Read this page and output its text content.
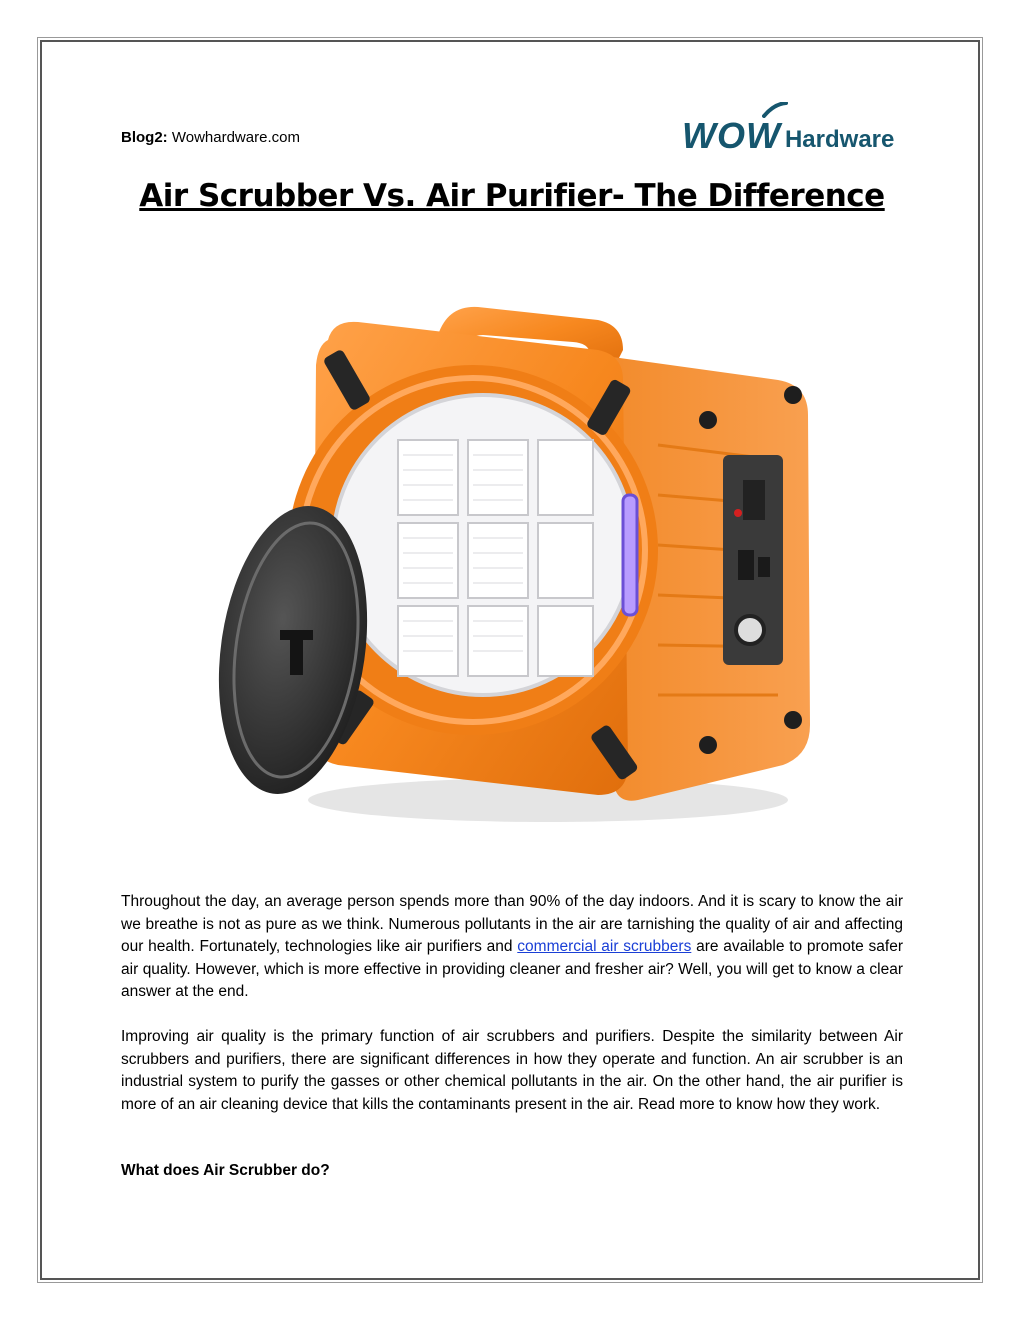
Blog2: Wowhardware.com	WOW Hardware
Air Scrubber Vs. Air Purifier- The Difference

Throughout the day, an average person spends more than 90% of the day indoors. And it is scary to know the air we breathe is not as pure as we think. Numerous pollutants in the air are tarnishing the quality of air and affecting our health. Fortunately, technologies like air purifiers and commercial air scrubbers are available to promote safer air quality. However, which is more effective in providing cleaner and fresher air? Well, you will get to know a clear answer at the end.

Improving air quality is the primary function of air scrubbers and purifiers. Despite the similarity between Air scrubbers and purifiers, there are significant differences in how they operate and function. An air scrubber is an industrial system to purify the gasses or other chemical pollutants in the air. On the other hand, the air purifier is more of an air cleaning device that kills the contaminants present in the air. Read more to know how they work.

What does Air Scrubber do?
